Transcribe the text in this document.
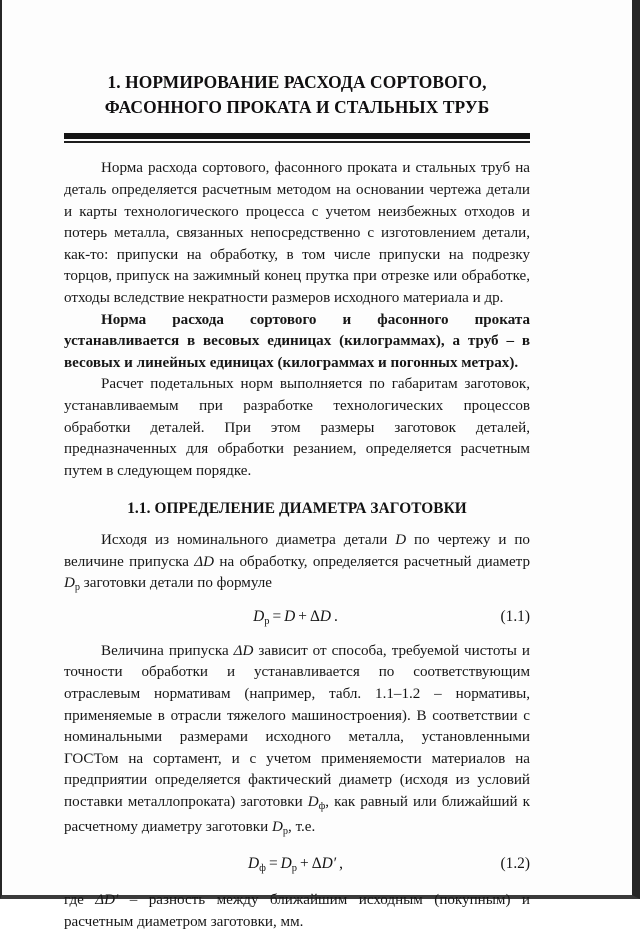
1. НОРМИРОВАНИЕ РАСХОДА СОРТОВОГО,
ФАСОННОГО ПРОКАТА И СТАЛЬНЫХ ТРУБ

Норма расхода сортового, фасонного проката и стальных труб на деталь определяется расчетным методом на основании чертежа детали и карты технологического процесса с учетом неизбежных отходов и потерь металла, связанных непосредственно с изготовлением детали, как-то: припуски на обработку, в том числе припуски на подрезку торцов, припуск на зажимный конец прутка при отрезке или обработке, отходы вследствие некратности размеров исходного материала и др.

Норма расхода сортового и фасонного проката устанавливается в весовых единицах (килограммах), а труб – в весовых и линейных единицах (килограммах и погонных метрах).

Расчет подетальных норм выполняется по габаритам заготовок, устанавливаемым при разработке технологических процессов обработки деталей. При этом размеры заготовок деталей, предназначенных для обработки резанием, определяется расчетным путем в следующем порядке.

1.1. ОПРЕДЕЛЕНИЕ ДИАМЕТРА ЗАГОТОВКИ

Исходя из номинального диаметра детали D по чертежу и по величине припуска ΔD на обработку, определяется расчетный диаметр $D_р$ заготовки детали по формуле

$D_р = D + \Delta D$ .	(1.1)

Величина припуска ΔD зависит от способа, требуемой чистоты и точности обработки и устанавливается по соответствующим отраслевым нормативам (например, табл. 1.1–1.2 – нормативы, применяемые в отрасли тяжелого машиностроения). В соответствии с номинальными размерами исходного металла, установленными ГОСТом на сортамент, и с учетом применяемости материалов на предприятии определяется фактический диаметр (исходя из условий поставки металлопроката) заготовки $D_ф$, как равный или ближайший к расчетному диаметру заготовки $D_р$, т.е.

$D_ф = D_р + \Delta D'$ ,	(1.2)

где ΔD′ – разность между ближайшим исходным (покупным) и расчетным диаметром заготовки, мм.
